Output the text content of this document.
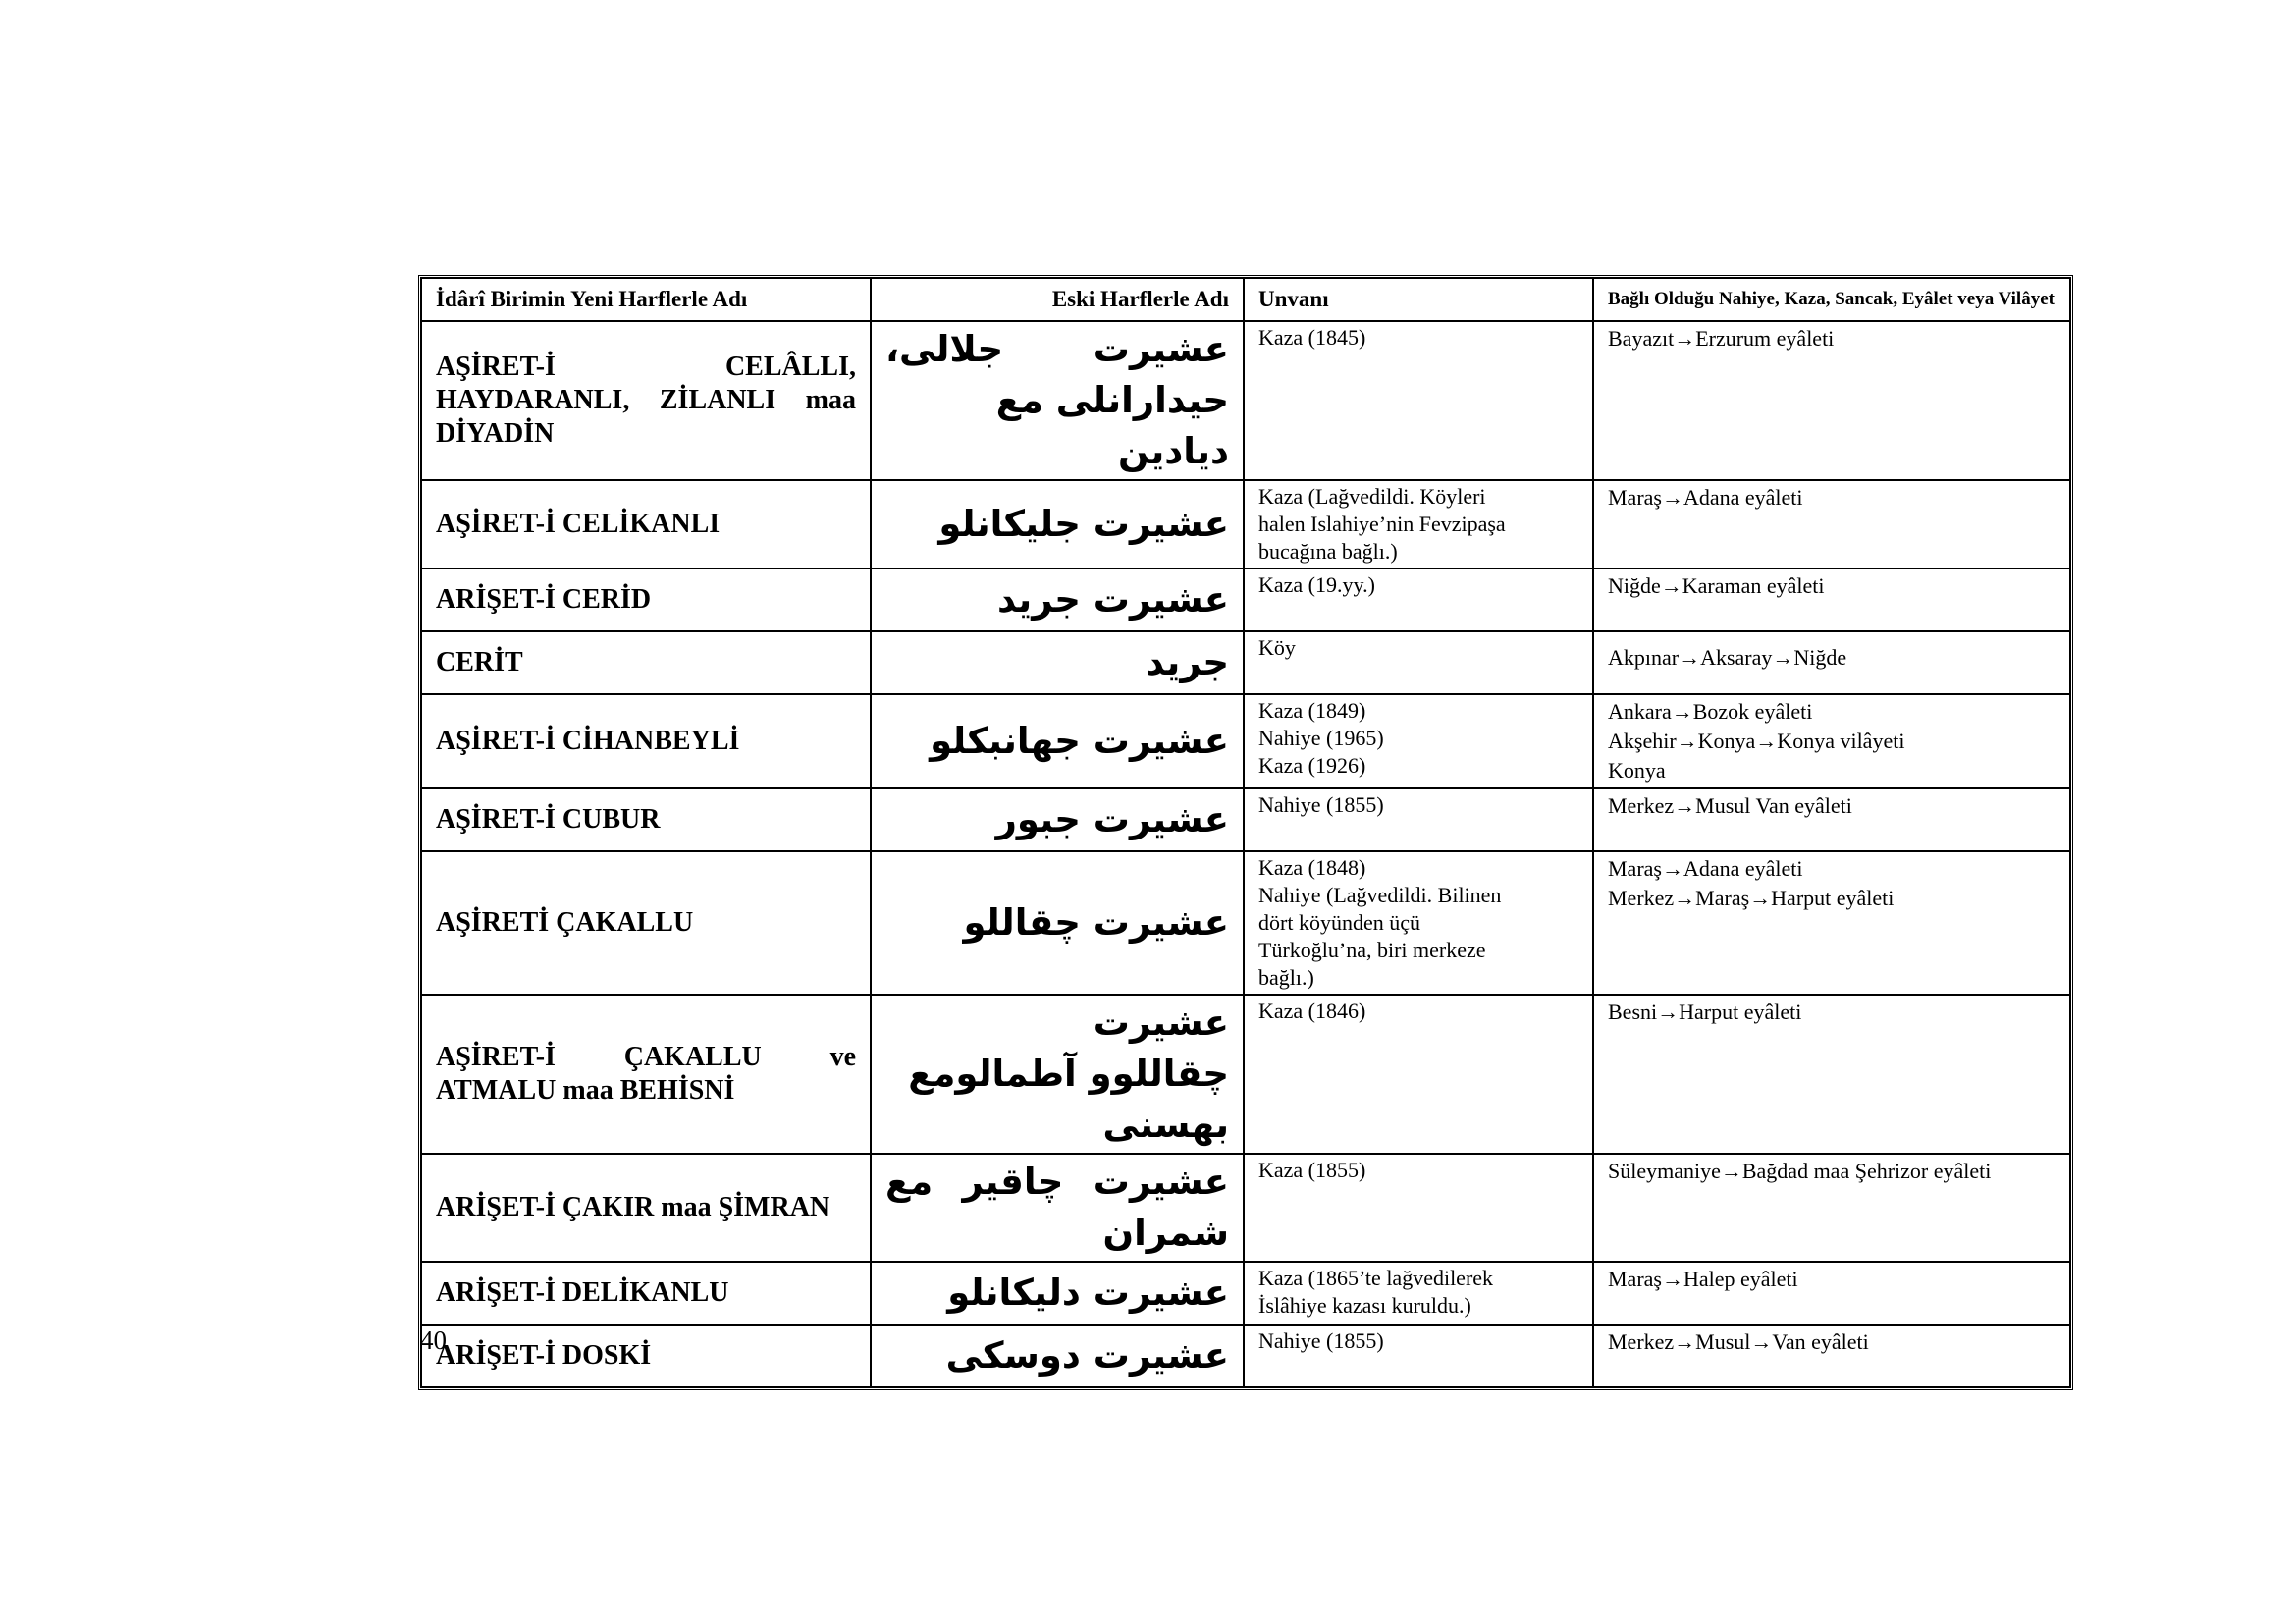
İdârî Birimin Yeni Harflerle Adı	Eski Harflerle Adı	Unvanı	Bağlı Olduğu Nahiye, Kaza, Sancak, Eyâlet veya Vilâyet
AŞİRET-İ CELÂLLI, HAYDARANLI, ZİLANLI maa DİYADİN	عشیرت جلالی،
حیدارانلی مع دیادین	Kaza (1845)	Bayazıt→Erzurum eyâleti

AŞİRET-İ CELİKANLI	عشیرت جلیکانلو	Kaza (Lağvedildi. Köyleri
halen Islahiye’nin Fevzipaşa
bucağına bağlı.)	Maraş→Adana eyâleti

ARİŞET-İ CERİD	عشیرت جرید	Kaza (19.yy.)	Niğde→Karaman eyâleti

CERİT	جرید	Köy	Akpınar→Aksaray→Niğde

AŞİRET-İ CİHANBEYLİ	عشیرت جهانبکلو	Kaza (1849)
Nahiye (1965)
Kaza (1926)	Ankara→Bozok eyâleti
Akşehir→Konya→Konya vilâyeti
Konya

AŞİRET-İ CUBUR	عشیرت جبور	Nahiye (1855)	Merkez→Musul Van eyâleti

AŞİRETİ ÇAKALLU	عشیرت چقاللو	Kaza (1848)
Nahiye (Lağvedildi. Bilinen
dört köyünden üçü
Türkoğlu’na, biri merkeze
bağlı.)	Maraş→Adana eyâleti
Merkez→Maraş→Harput eyâleti

AŞİRET-İ ÇAKALLU ve ATMALU maa BEHİSNİ	عشیرت
چقاللوو آطمالومع
بهسنی	Kaza (1846)	Besni→Harput eyâleti

ARİŞET-İ ÇAKIR maa ŞİMRAN	عشیرت چاقیر مع
شمران	Kaza (1855)	Süleymaniye→Bağdad maa Şehrizor eyâleti

ARİŞET-İ DELİKANLU	عشیرت دلیکانلو	Kaza (1865’te lağvedilerek
İslâhiye kazası kuruldu.)	Maraş→Halep eyâleti

ARİŞET-İ DOSKİ	عشیرت دوسکی	Nahiye (1855)	Merkez→Musul→Van eyâleti
40
